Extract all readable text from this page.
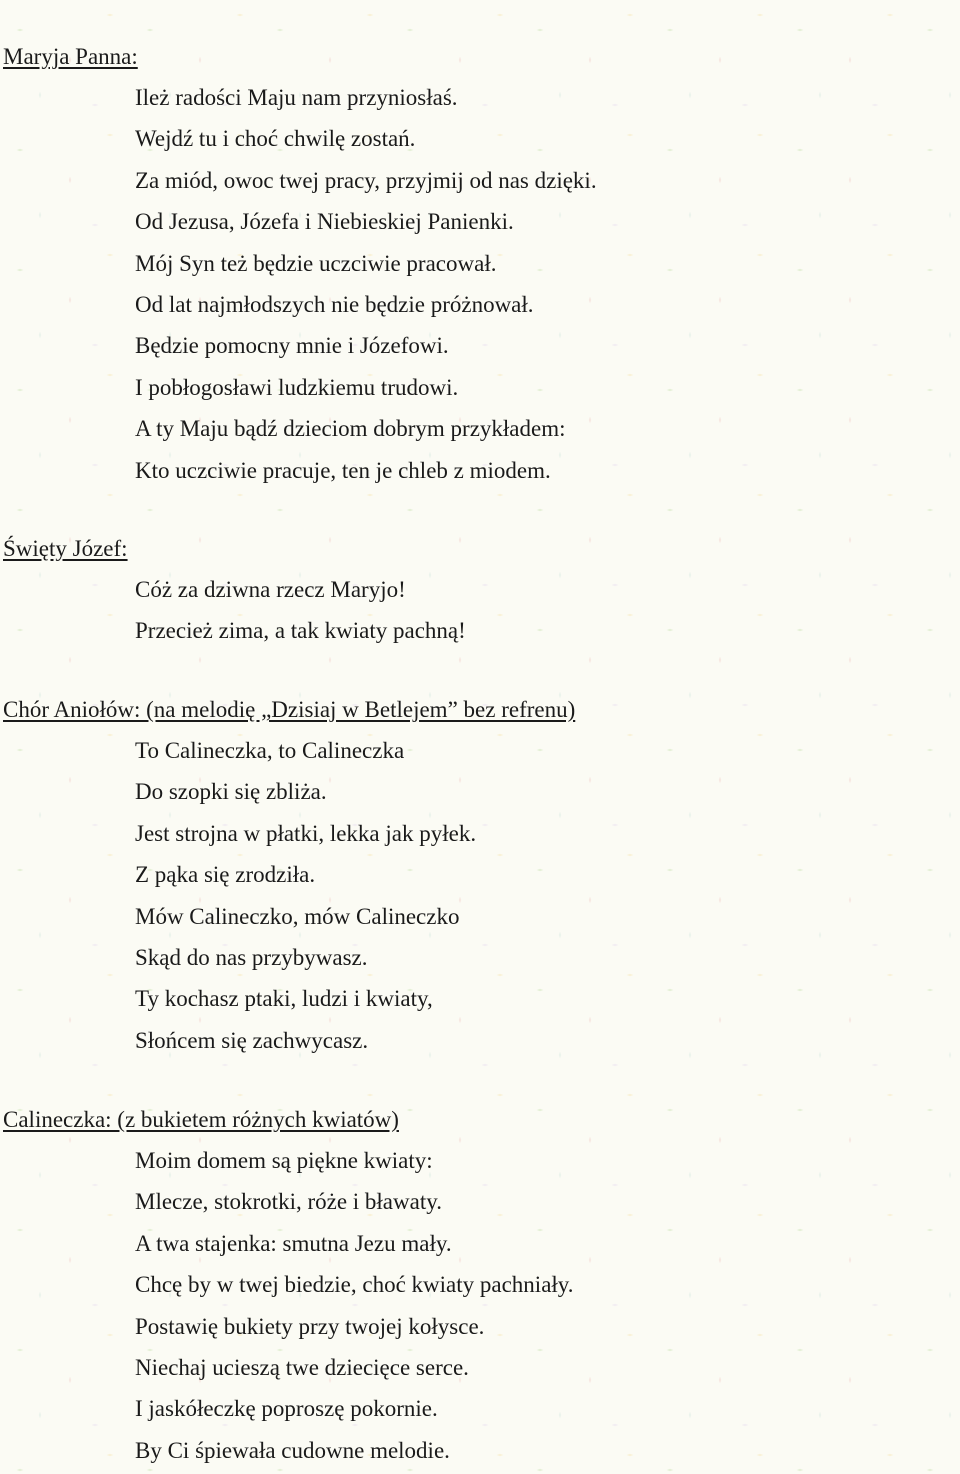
Maryja Panna:
Ileż radości Maju nam przyniosłaś.
Wejdź tu i choć chwilę zostań.
Za miód, owoc twej pracy, przyjmij od nas dzięki.
Od Jezusa, Józefa i Niebieskiej Panienki.
Mój Syn też będzie uczciwie pracował.
Od lat najmłodszych nie będzie próżnował.
Będzie pomocny mnie i Józefowi.
I pobłogosławi ludzkiemu trudowi.
A ty Maju bądź dzieciom dobrym przykładem:
Kto uczciwie pracuje, ten je chleb z miodem.
Święty Józef:
Cóż za dziwna rzecz Maryjo!
Przecież zima, a tak kwiaty pachną!
Chór Aniołów: (na melodię „Dzisiaj w Betlejem” bez refrenu)
To Calineczka, to Calineczka
Do szopki się zbliża.
Jest strojna w płatki, lekka jak pyłek.
Z pąka się zrodziła.
Mów Calineczko, mów Calineczko
Skąd do nas przybywasz.
Ty kochasz ptaki, ludzi i kwiaty,
Słońcem się zachwycasz.
Calineczka: (z bukietem różnych kwiatów)
Moim domem są piękne kwiaty:
Mlecze, stokrotki, róże i bławaty.
A twa stajenka: smutna Jezu mały.
Chcę by w twej biedzie, choć kwiaty pachniały.
Postawię bukiety przy twojej kołysce.
Niechaj ucieszą twe dziecięce serce.
I jaskółeczkę poproszę pokornie.
By Ci śpiewała cudowne melodie.
